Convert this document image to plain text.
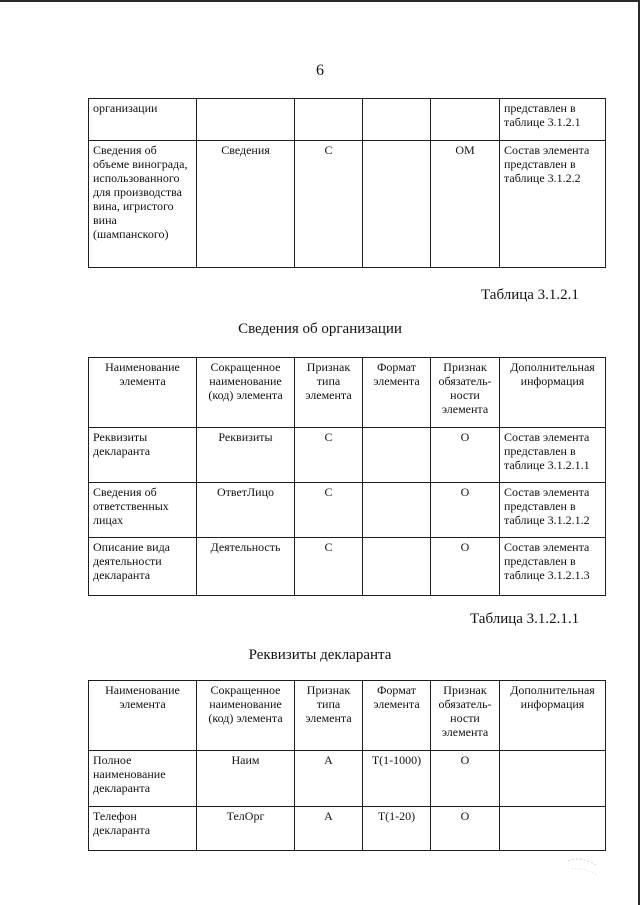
6
организации					представлен в таблице 3.1.2.1
Сведения об объеме винограда, использованного для производства вина, игристого вина (шампанского)	Сведения	С		ОМ	Состав элемента представлен в таблице 3.1.2.2
Таблица 3.1.2.1
Сведения об организации
Наименование элемента	Сокращенное наименование (код) элемента	Признак типа элемента	Формат элемента	Признак обязатель-ности элемента	Дополнительная информация
Реквизиты декларанта	Реквизиты	С		О	Состав элемента представлен в таблице 3.1.2.1.1
Сведения об ответственных лицах	ОтветЛицо	С		О	Состав элемента представлен в таблице 3.1.2.1.2
Описание вида деятельности декларанта	Деятельность	С		О	Состав элемента представлен в таблице 3.1.2.1.3
Таблица 3.1.2.1.1
Реквизиты декларанта
Наименование элемента	Сокращенное наименование (код) элемента	Признак типа элемента	Формат элемента	Признак обязатель-ности элемента	Дополнительная информация
Полное наименование декларанта	Наим	А	Т(1-1000)	О	
Телефон декларанта	ТелОрг	А	Т(1-20)	О	
